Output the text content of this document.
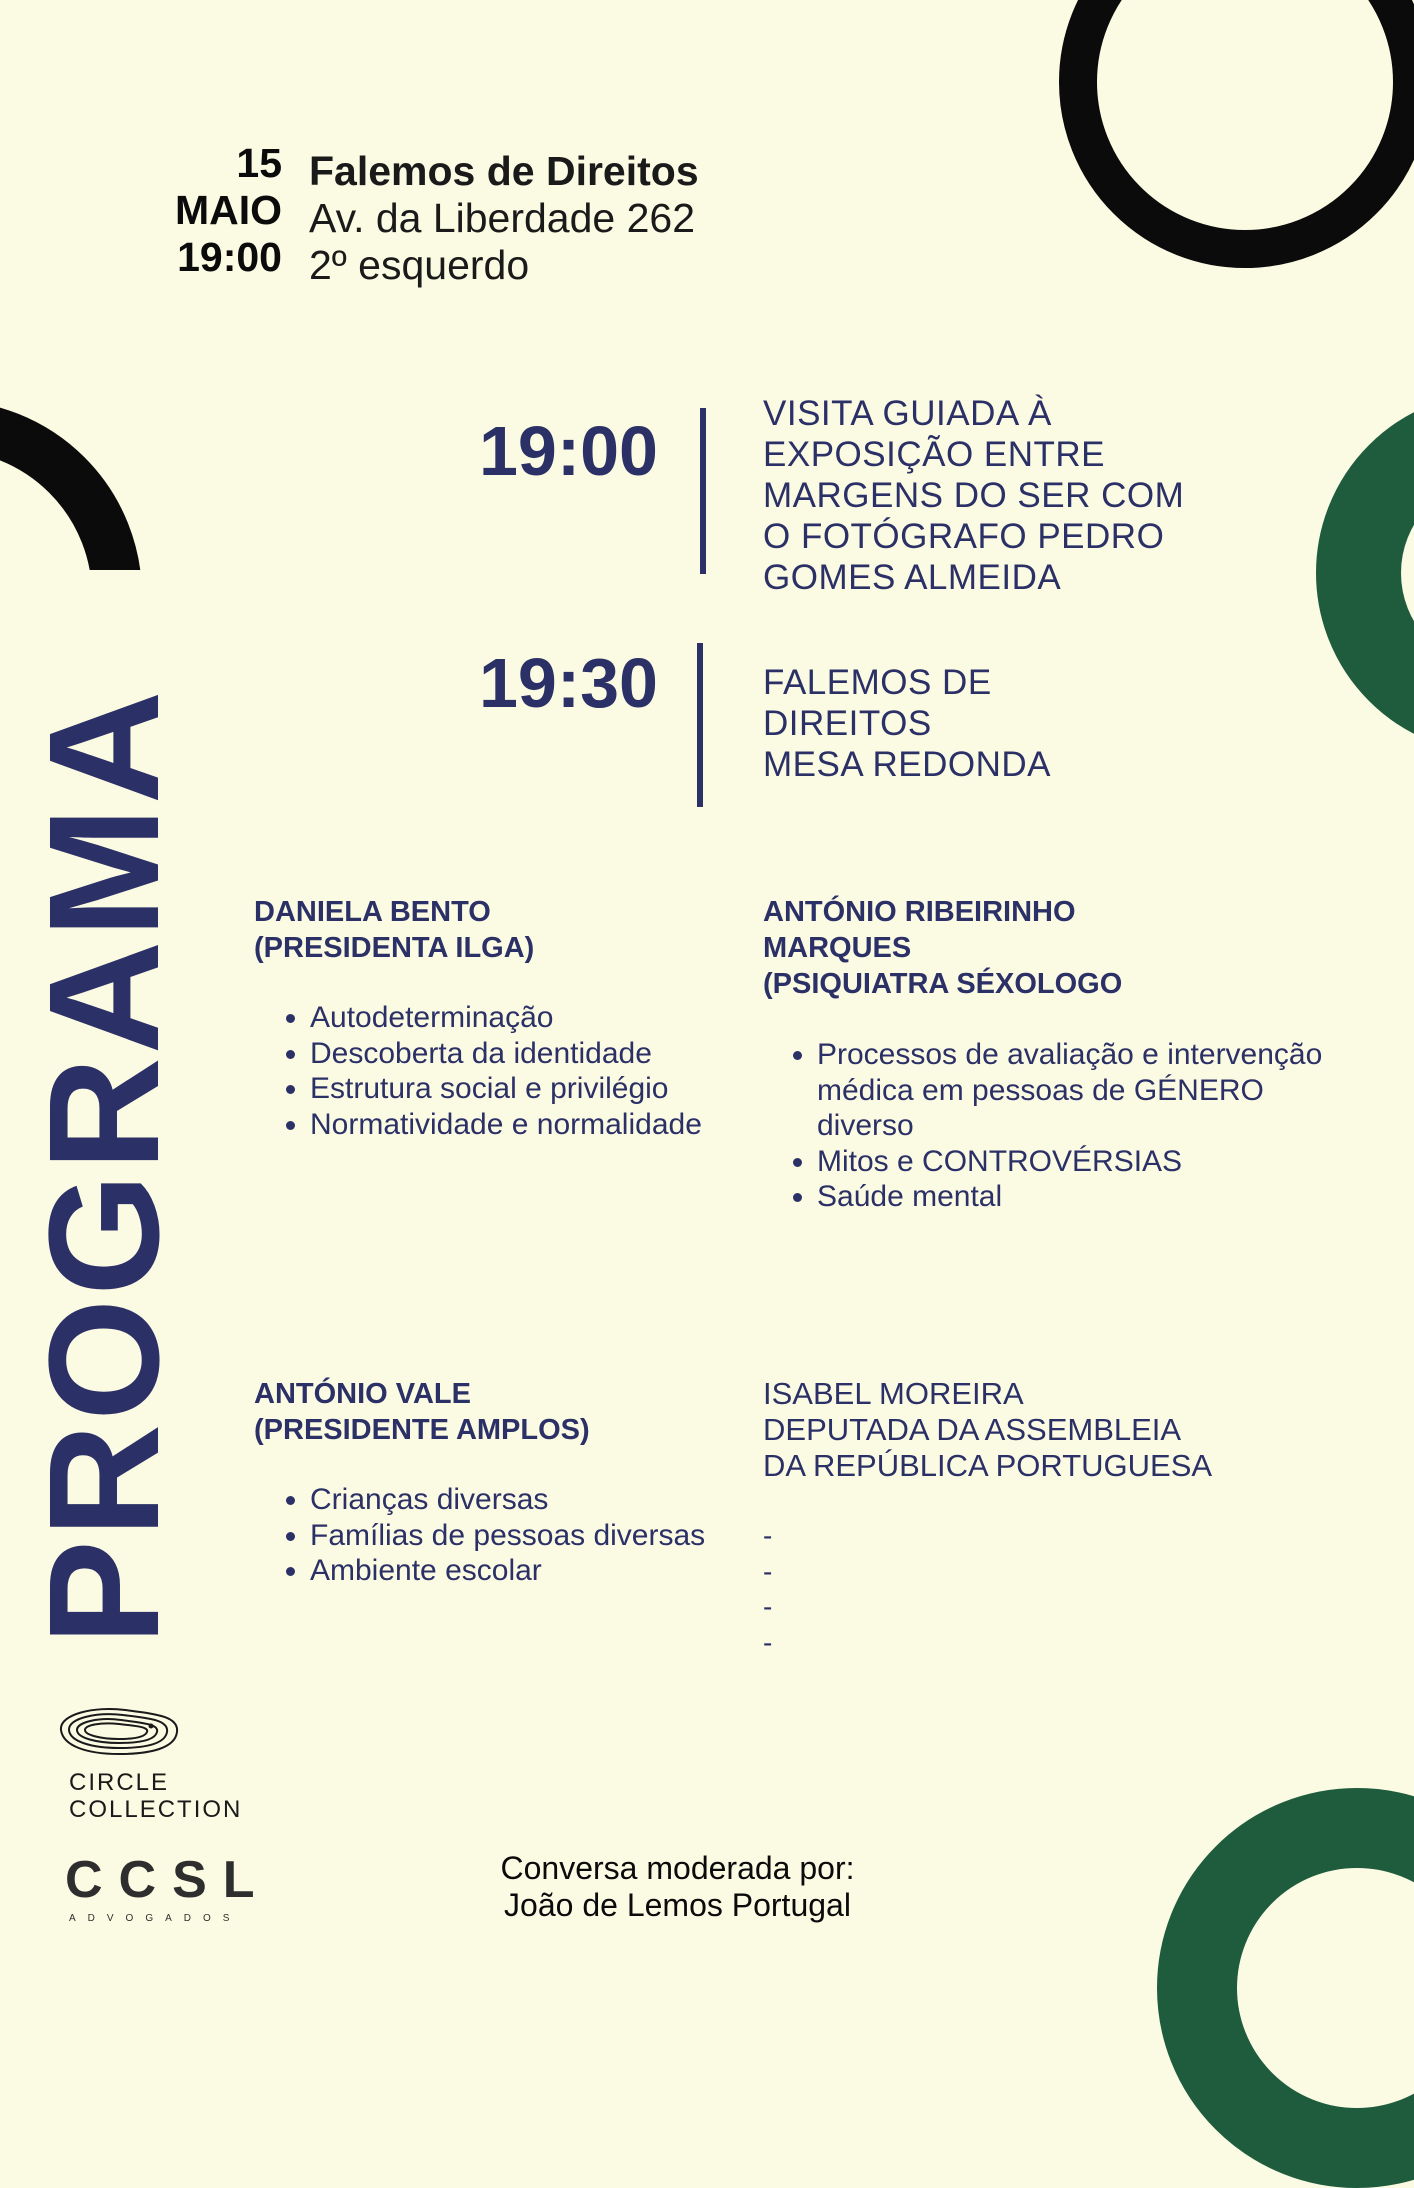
15
MAIO
19:00
Falemos de Direitos
Av. da Liberdade 262
2º esquerdo
PROGRAMA
19:00	VISITA GUIADA À
EXPOSIÇÃO ENTRE
MARGENS DO SER COM
O FOTÓGRAFO PEDRO
GOMES ALMEIDA
19:30	FALEMOS DE
DIREITOS
MESA REDONDA
DANIELA BENTO
(PRESIDENTA ILGA)
• Autodeterminação
• Descoberta da identidade
• Estrutura social e privilégio
• Normatividade e normalidade
ANTÓNIO RIBEIRINHO
MARQUES
(PSIQUIATRA SÉXOLOGO
• Processos de avaliação e intervenção médica em pessoas de GÉNERO diverso
• Mitos e CONTROVÉRSIAS
• Saúde mental
ANTÓNIO VALE
(PRESIDENTE AMPLOS)
• Crianças diversas
• Famílias de pessoas diversas
• Ambiente escolar
ISABEL MOREIRA
DEPUTADA DA ASSEMBLEIA
DA REPÚBLICA PORTUGUESA
-
-
-
-
CIRCLE
COLLECTION
CCSL
ADVOGADOS
Conversa moderada por:
João de Lemos Portugal
